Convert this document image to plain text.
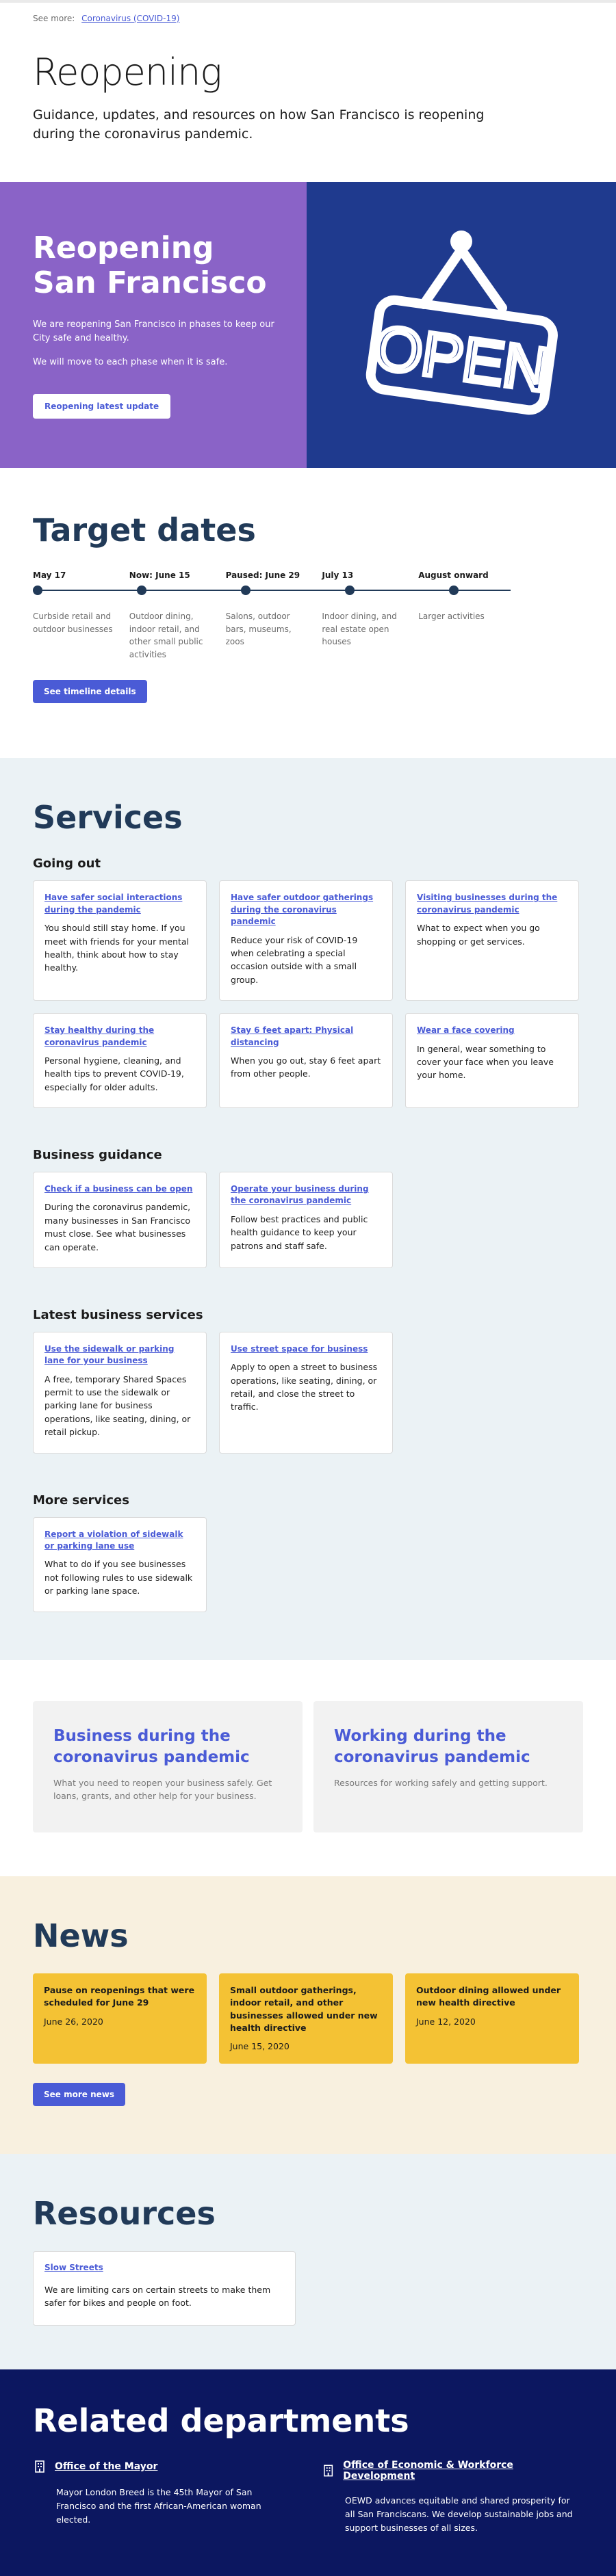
See more: Coronavirus (COVID-19)
Reopening

Guidance, updates, and resources on how San Francisco is reopening during the coronavirus pandemic.

Reopening San Francisco

We are reopening San Francisco in phases to keep our City safe and healthy.

We will move to each phase when it is safe.

Reopening latest update
OPEN
Target dates
May 17	Now: June 15	Paused: June 29	July 13	August onward
Curbside retail and outdoor businesses
Outdoor dining, indoor retail, and other small public activities
Salons, outdoor bars, museums, zoos
Indoor dining, and real estate open houses
Larger activities
See timeline details
Services
Going out
Have safer social interactions during the pandemic

You should still stay home. If you meet with friends for your mental health, think about how to stay healthy.

Have safer outdoor gatherings during the coronavirus pandemic

Reduce your risk of COVID-19 when celebrating a special occasion outside with a small group.

Visiting businesses during the coronavirus pandemic

What to expect when you go shopping or get services.

Stay healthy during the coronavirus pandemic

Personal hygiene, cleaning, and health tips to prevent COVID-19, especially for older adults.

Stay 6 feet apart: Physical distancing

When you go out, stay 6 feet apart from other people.

Wear a face covering

In general, wear something to cover your face when you leave your home.

Business guidance
Check if a business can be open

During the coronavirus pandemic, many businesses in San Francisco must close. See what businesses can operate.

Operate your business during the coronavirus pandemic

Follow best practices and public health guidance to keep your patrons and staff safe.

Latest business services
Use the sidewalk or parking lane for your business

A free, temporary Shared Spaces permit to use the sidewalk or parking lane for business operations, like seating, dining, or retail pickup.

Use street space for business

Apply to open a street to business operations, like seating, dining, or retail, and close the street to traffic.

More services
Report a violation of sidewalk or parking lane use

What to do if you see businesses not following rules to use sidewalk or parking lane space.

Business during the coronavirus pandemic

What you need to reopen your business safely. Get loans, grants, and other help for your business.

Working during the coronavirus pandemic

Resources for working safely and getting support.

News

Pause on reopenings that were scheduled for June 29

June 26, 2020

Small outdoor gatherings, indoor retail, and other businesses allowed under new health directive

June 15, 2020

Outdoor dining allowed under new health directive

June 12, 2020

See more news
Resources
Slow Streets

We are limiting cars on certain streets to make them safer for bikes and people on foot.

Related departments
Office of the Mayor

Mayor London Breed is the 45th Mayor of San Francisco and the first African-American woman elected.

Office of Economic & Workforce Development

OEWD advances equitable and shared prosperity for all San Franciscans. We develop sustainable jobs and support businesses of all sizes.
